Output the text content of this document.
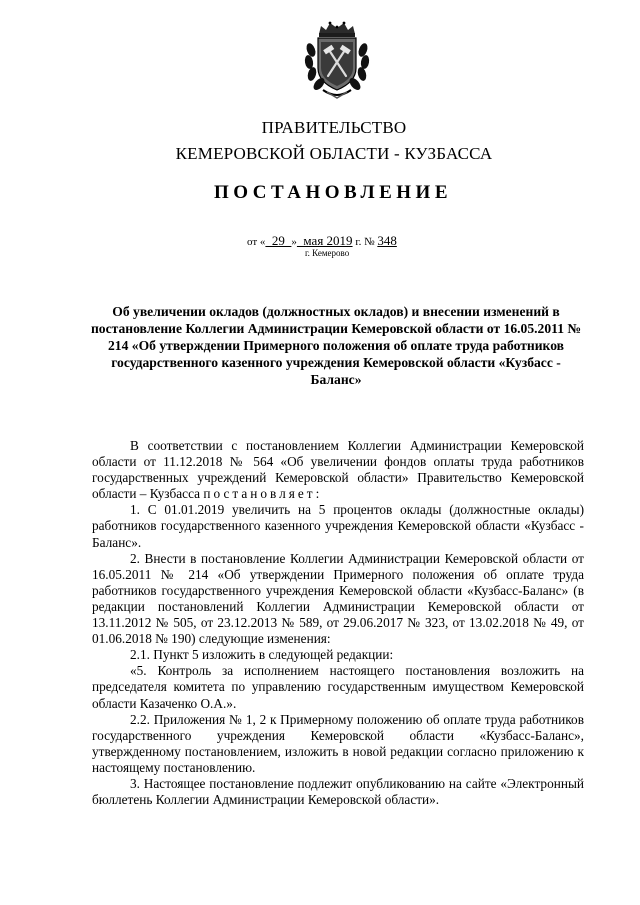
ПРАВИТЕЛЬСТВО
КЕМЕРОВСКОЙ ОБЛАСТИ - КУЗБАССА
ПОСТАНОВЛЕНИЕ
от «  29  »  мая 2019 г. № 348
г. Кемерово
Об увеличении окладов (должностных окладов) и внесении изменений в постановление Коллегии Администрации Кемеровской области от 16.05.2011 № 214 «Об утверждении Примерного положения об оплате труда работников государственного казенного учреждения Кемеровской области «Кузбасс - Баланс»

В соответствии с постановлением Коллегии Администрации Кемеровской области от 11.12.2018 № 564 «Об увеличении фондов оплаты труда работников государственных учреждений Кемеровской области» Правительство Кемеровской области – Кузбасса постановляет:

1. С 01.01.2019 увеличить на 5 процентов оклады (должностные оклады) работников государственного казенного учреждения Кемеровской области «Кузбасс - Баланс».

2. Внести в постановление Коллегии Администрации Кемеровской области от 16.05.2011 № 214 «Об утверждении Примерного положения об оплате труда работников государственного учреждения Кемеровской области «Кузбасс-Баланс» (в редакции постановлений Коллегии Администрации Кемеровской области от 13.11.2012 № 505, от 23.12.2013 № 589, от 29.06.2017 № 323, от 13.02.2018 № 49, от 01.06.2018 № 190) следующие изменения:

2.1. Пункт 5 изложить в следующей редакции:

«5. Контроль за исполнением настоящего постановления возложить на председателя комитета по управлению государственным имуществом Кемеровской области Казаченко О.А.».

2.2. Приложения № 1, 2 к Примерному положению об оплате труда работников государственного учреждения Кемеровской области «Кузбасс-Баланс», утвержденному постановлением, изложить в новой редакции согласно приложению к настоящему постановлению.

3. Настоящее постановление подлежит опубликованию на сайте «Электронный бюллетень Коллегии Администрации Кемеровской области».
